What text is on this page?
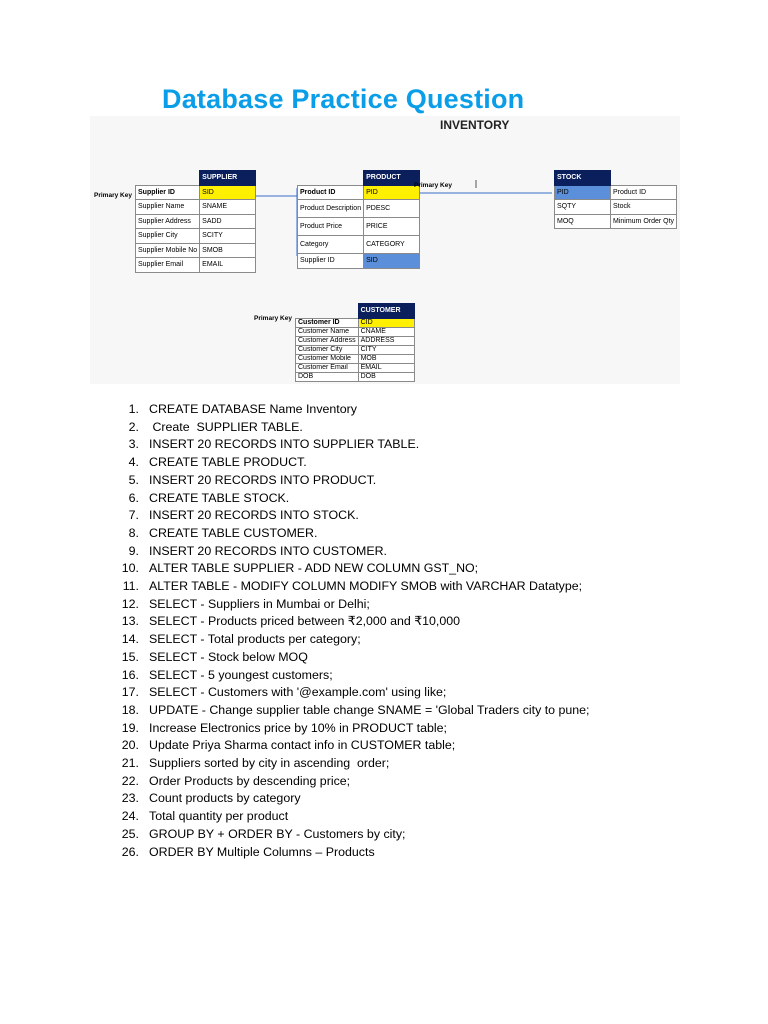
Database Practice Question
INVENTORY
Primary Key
	SUPPLIER
Supplier ID	SID
Supplier Name	SNAME
Supplier Address	SADD
Supplier City	SCITY
Supplier Mobile No	SMOB
Supplier Email	EMAIL
	PRODUCT
Product ID	PID
Product Description	PDESC
Product Price	PRICE
Category	CATEGORY
Supplier ID	SID
Primary Key
STOCK	
PID	Product ID
SQTY	Stock
MOQ	Minimum Order Qty
Primary Key
	CUSTOMER
Customer ID	CID
Customer Name	CNAME
Customer Address	ADDRESS
Customer City	CITY
Customer Mobile	MOB
Customer Email	EMAIL
DOB	DOB
1. CREATE DATABASE Name Inventory
2. Create  SUPPLIER TABLE.
3. INSERT 20 RECORDS INTO SUPPLIER TABLE.
4. CREATE TABLE PRODUCT.
5. INSERT 20 RECORDS INTO PRODUCT.
6. CREATE TABLE STOCK.
7. INSERT 20 RECORDS INTO STOCK.
8. CREATE TABLE CUSTOMER.
9. INSERT 20 RECORDS INTO CUSTOMER.
10. ALTER TABLE SUPPLIER - ADD NEW COLUMN GST_NO;
11. ALTER TABLE - MODIFY COLUMN MODIFY SMOB with VARCHAR Datatype;
12. SELECT - Suppliers in Mumbai or Delhi;
13. SELECT - Products priced between ₹2,000 and ₹10,000
14. SELECT - Total products per category;
15. SELECT - Stock below MOQ
16. SELECT - 5 youngest customers;
17. SELECT - Customers with '@example.com' using like;
18. UPDATE - Change supplier table change SNAME = 'Global Traders city to pune;
19. Increase Electronics price by 10% in PRODUCT table;
20. Update Priya Sharma contact info in CUSTOMER table;
21. Suppliers sorted by city in ascending  order;
22. Order Products by descending price;
23. Count products by category
24. Total quantity per product
25. GROUP BY + ORDER BY - Customers by city;
26. ORDER BY Multiple Columns – Products
